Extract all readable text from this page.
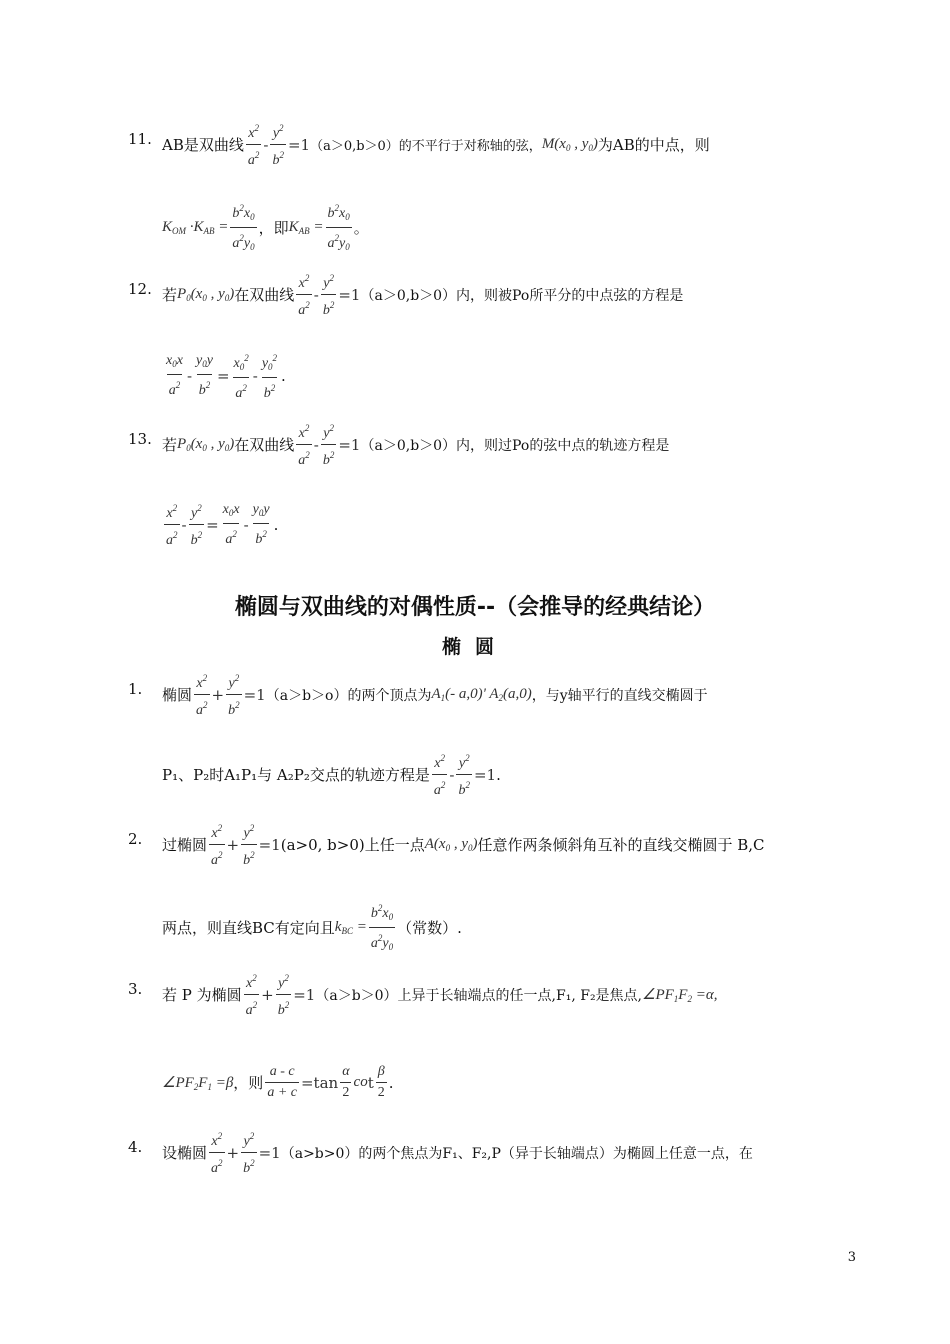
11. AB是双曲线 $\frac{x^2}{a^2} - \frac{y^2}{b^2} =1$ （a＞0,b＞0）的不平行于对称轴的弦， $M(x_0$ , $y_0$) 为AB的中点，则
$K_{OM} \cdot K_{AB} = \frac{b^2x_0}{a^2y_0}$ ，即 $K_{AB} = \frac{b^2x_0}{a^2y_0}$ 。
12. 若 $P_0(x_0$ , $y_0$) 在双曲线 $\frac{x^2}{a^2} - \frac{y^2}{b^2} =1$ （a＞0,b＞0）内，则被Po所平分的中点弦的方程是
$\frac{x_0x}{a^2} - \frac{y_0y}{b^2} = \frac{x_0^2}{a^2} - \frac{y_0^2}{b^2}$ .
13. 若 $P_0(x_0$ , $y_0$) 在双曲线 $\frac{x^2}{a^2} - \frac{y^2}{b^2} =1$ （a＞0,b＞0）内，则过Po的弦中点的轨迹方程是
$\frac{x^2}{a^2} - \frac{y^2}{b^2} = \frac{x_0x}{a^2} - \frac{y_0y}{b^2}$ .
椭圆与双曲线的对偶性质--（会推导的经典结论）
椭圆
1. 椭圆 $\frac{x^2}{a^2} + \frac{y^2}{b^2} =1$ （a＞b＞o）的两个顶点为 $A_1(-$ a,0)' $A_2(a,0)$ ，与y轴平行的直线交椭圆于
P₁、P₂时A₁P₁与 A₂P₂交点的轨迹方程是 $\frac{x^2}{a^2} - \frac{y^2}{b^2} =1$ .
2. 过椭圆 $\frac{x^2}{a^2} + \frac{y^2}{b^2} =1$ (a>0, b>0)上任一点 $A(x_0$ , $y_0$) 任意作两条倾斜角互补的直线交椭圆于 B,C
两点，则直线BC有定向且 $k_{BC} = \frac{b^2x_0}{a^2y_0}$ （常数）.
3. 若 P 为椭圆 $\frac{x^2}{a^2} + \frac{y^2}{b^2} =1$ （a＞b＞0）上异于长轴端点的任一点,F₁, F₂是焦点, $\angle PF_1F_2 =\alpha$,
$\angle PF_2F_1 =\beta$ ，则 $\frac{a - c}{a + c} =\tan \frac{\alpha}{2}$ co t $\frac{\beta}{2}$ .
4. 设椭圆 $\frac{x^2}{a^2} + \frac{y^2}{b^2} =1$ （a>b>0）的两个焦点为F₁、F₂,P（异于长轴端点）为椭圆上任意一点，在
3
